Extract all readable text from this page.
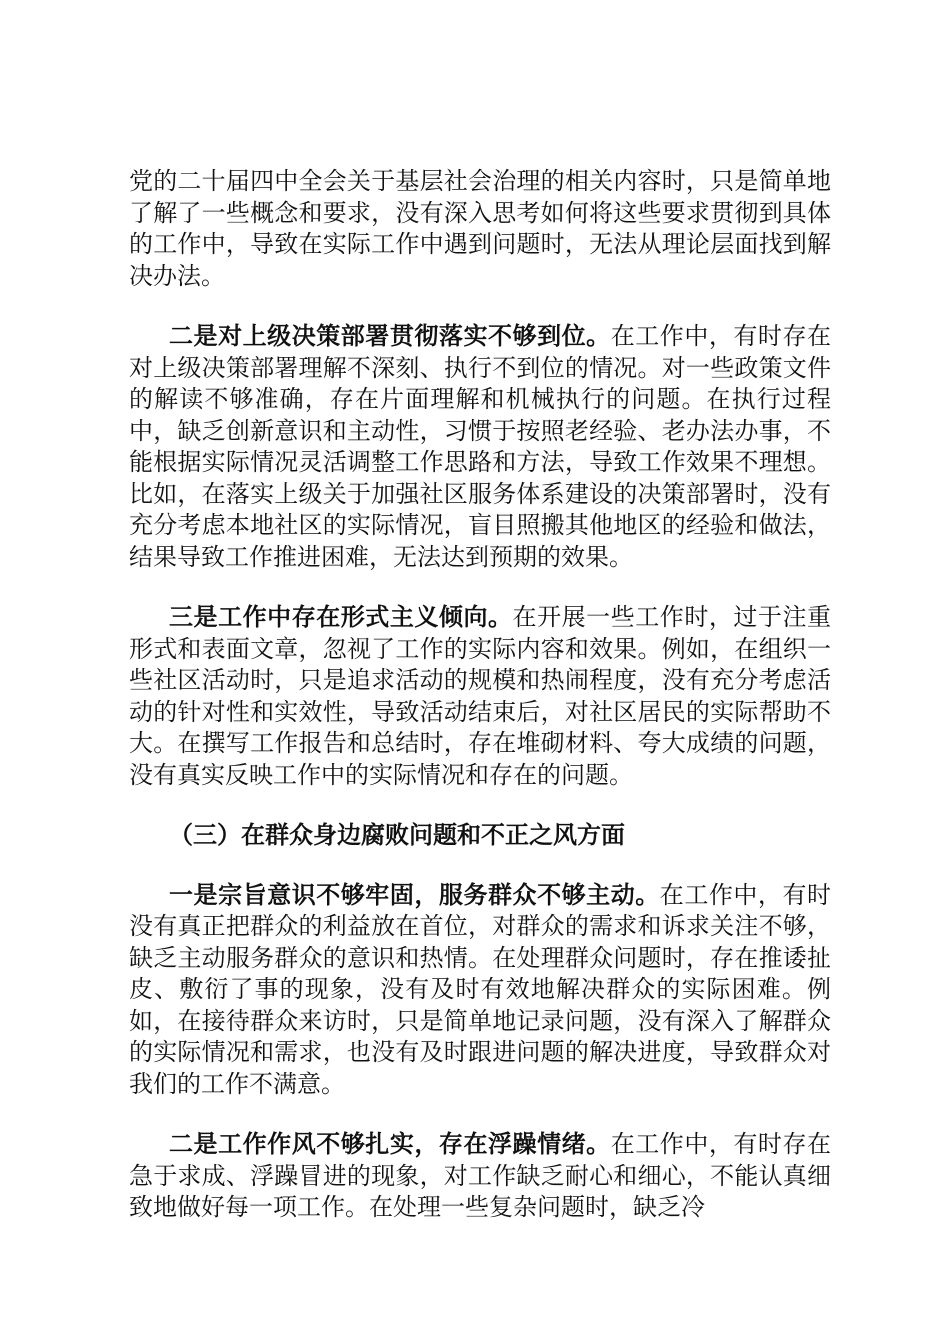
党的二十届四中全会关于基层社会治理的相关内容时，只是简单地了解了一些概念和要求，没有深入思考如何将这些要求贯彻到具体的工作中，导致在实际工作中遇到问题时，无法从理论层面找到解决办法。

二是对上级决策部署贯彻落实不够到位。在工作中，有时存在对上级决策部署理解不深刻、执行不到位的情况。对一些政策文件的解读不够准确，存在片面理解和机械执行的问题。在执行过程中，缺乏创新意识和主动性，习惯于按照老经验、老办法办事，不能根据实际情况灵活调整工作思路和方法，导致工作效果不理想。比如，在落实上级关于加强社区服务体系建设的决策部署时，没有充分考虑本地社区的实际情况，盲目照搬其他地区的经验和做法，结果导致工作推进困难，无法达到预期的效果。

三是工作中存在形式主义倾向。在开展一些工作时，过于注重形式和表面文章，忽视了工作的实际内容和效果。例如，在组织一些社区活动时，只是追求活动的规模和热闹程度，没有充分考虑活动的针对性和实效性，导致活动结束后，对社区居民的实际帮助不大。在撰写工作报告和总结时，存在堆砌材料、夸大成绩的问题，没有真实反映工作中的实际情况和存在的问题。

（三）在群众身边腐败问题和不正之风方面

一是宗旨意识不够牢固，服务群众不够主动。在工作中，有时没有真正把群众的利益放在首位，对群众的需求和诉求关注不够，缺乏主动服务群众的意识和热情。在处理群众问题时，存在推诿扯皮、敷衍了事的现象，没有及时有效地解决群众的实际困难。例如，在接待群众来访时，只是简单地记录问题，没有深入了解群众的实际情况和需求，也没有及时跟进问题的解决进度，导致群众对我们的工作不满意。

二是工作作风不够扎实，存在浮躁情绪。在工作中，有时存在急于求成、浮躁冒进的现象，对工作缺乏耐心和细心，不能认真细致地做好每一项工作。在处理一些复杂问题时，缺乏冷
